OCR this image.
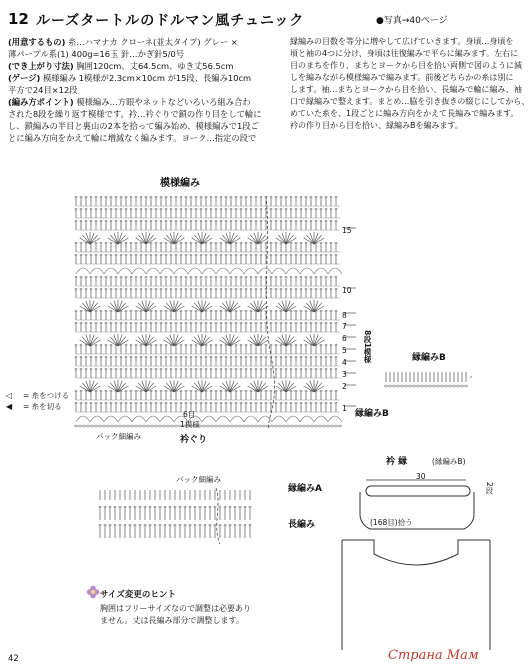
12 ルーズタートルのドルマン風チュニック	●写真→40ページ

(用意するもの) 糸…ハマナカ クローネ(並太タイプ) グレー ×

薄パープル系(1) 400g=16玉 針…かぎ針5/0号

(でき上がり寸法) 胸囲120cm、丈64.5cm、ゆき丈56.5cm

(ゲージ) 模様編み 1模様が2.3cm×10cm が15段、長編み10cm

平方で24目×12段

(編み方ポイント) 模様編み…方眼やネットなどいろいろ組み合わ

された8段を繰り返す模様です。衿…衿ぐりで鎖の作り目をして輪に

し、鎖編みの半目と裏山の2本を拾って編み始め、模様編みで1段ご

とに編み方向をかえて輪に増減なく編みます。ヨーク…指定の段で

縁編みの目数を等分に増やして広げていきます。身頃…身頃を

頃と袖の4つに分け、身頃は往復編みで平らに編みます。左右に

目のまちを作り、まちとヨークから目を拾い両側で図のように減

しを編みながら模様編みで編みます。前後どちらかの糸は別に

します。袖…まちとヨークから目を拾い、長編みで輪に編み、袖

口で縁編みで整えます。まとめ…脇を引き抜きの綴じにしてから、

めていた糸を、1段ごとに編み方向をかえて長編みで編みます。

衿の作り目から目を拾い、縁編みBを編みます。

模様編み
15
10
8
7
6
5
4
3
2
1
8段1模様
縁編みB
6目
1模様
パック細編み	衿ぐり
◁	= 糸をつける
◀	= 糸を切る
縁編みB
パック細編み
縁編みA
長編み
衿 縁	(縁編みB)
30
2段
(168目)拾う
サイズ変更のヒント

胸囲はフリーサイズなので調整は必要あり

ません。丈は長編み部分で調整します。

42	Страна Мам
